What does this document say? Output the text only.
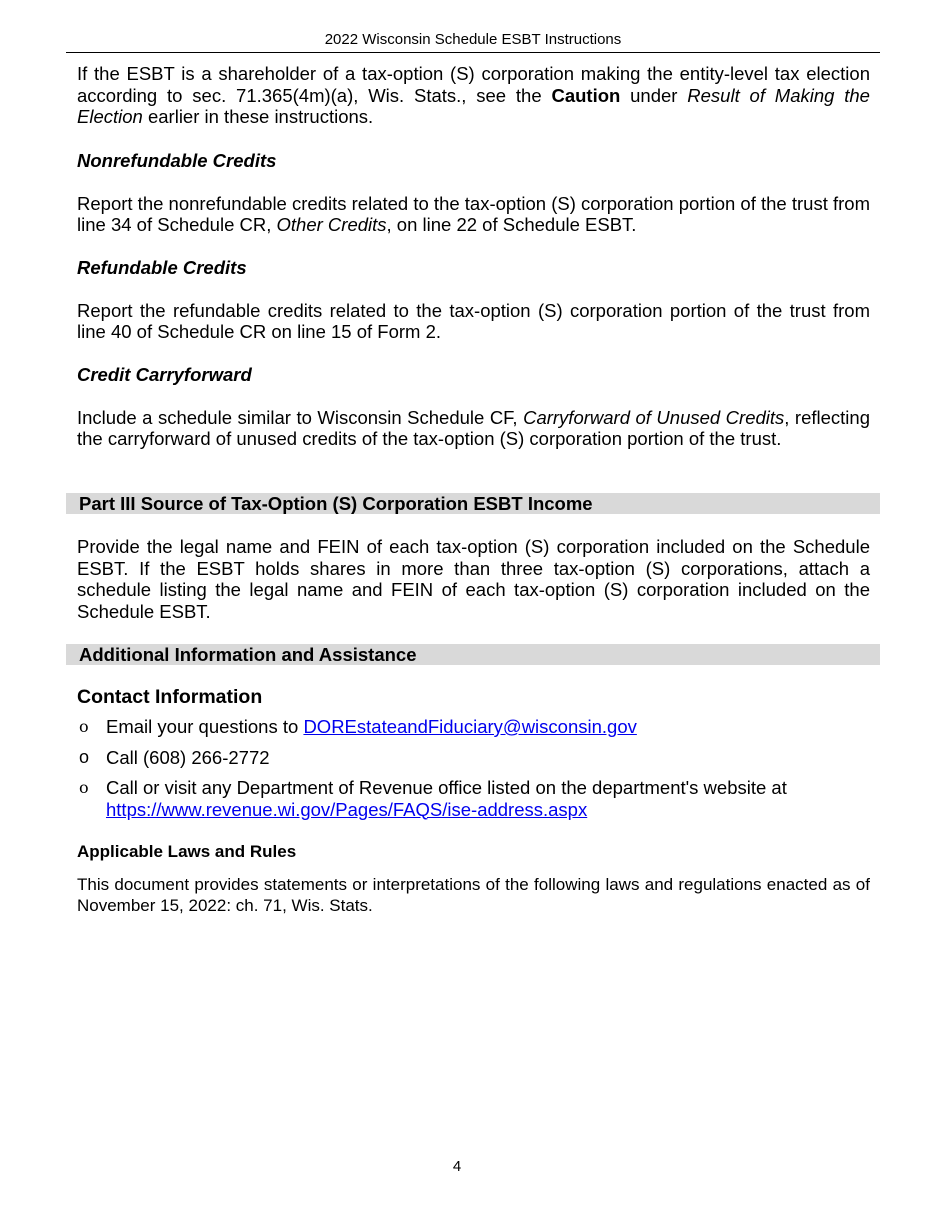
2022 Wisconsin Schedule ESBT Instructions

If the ESBT is a shareholder of a tax-option (S) corporation making the entity-level tax election according to sec. 71.365(4m)(a), Wis. Stats., see the Caution under Result of Making the Election earlier in these instructions.

Nonrefundable Credits

Report the nonrefundable credits related to the tax-option (S) corporation portion of the trust from line 34 of Schedule CR, Other Credits, on line 22 of Schedule ESBT.

Refundable Credits

Report the refundable credits related to the tax-option (S) corporation portion of the trust from line 40 of Schedule CR on line 15 of Form 2.

Credit Carryforward

Include a schedule similar to Wisconsin Schedule CF, Carryforward of Unused Credits, reflecting the carryforward of unused credits of the tax-option (S) corporation portion of the trust.

Part III Source of Tax-Option (S) Corporation ESBT Income

Provide the legal name and FEIN of each tax-option (S) corporation included on the Schedule ESBT. If the ESBT holds shares in more than three tax-option (S) corporations, attach a schedule listing the legal name and FEIN of each tax-option (S) corporation included on the Schedule ESBT.

Additional Information and Assistance
Contact Information
ο Email your questions to DOREstateandFiduciary@wisconsin.gov
o Call (608) 266-2772
ο Call or visit any Department of Revenue office listed on the department's website at https://www.revenue.wi.gov/Pages/FAQS/ise-address.aspx
Applicable Laws and Rules

This document provides statements or interpretations of the following laws and regulations enacted as of November 15, 2022: ch. 71, Wis. Stats.

4
